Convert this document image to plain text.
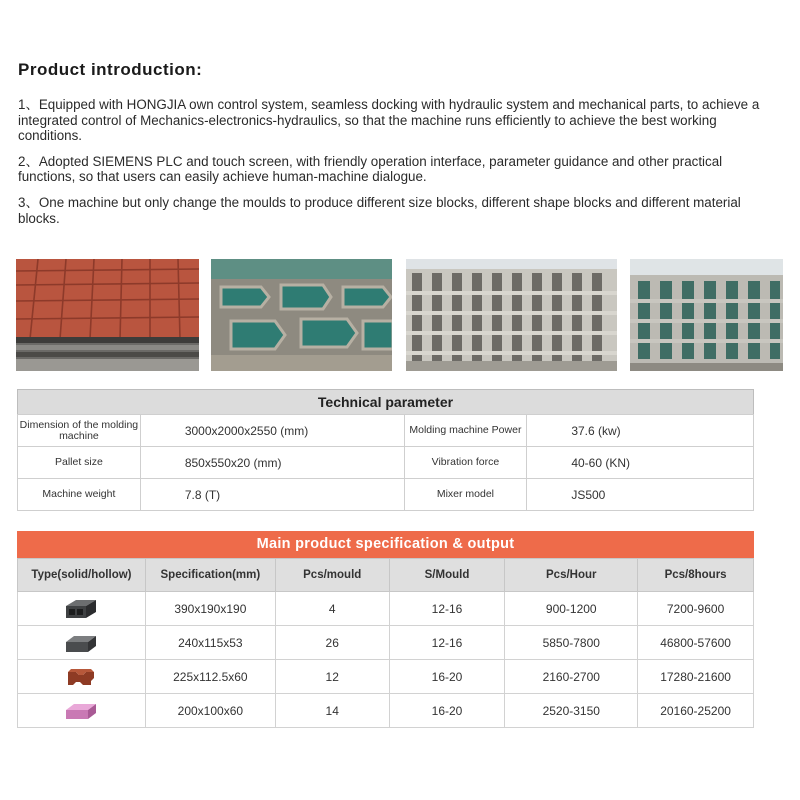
Product introduction:

1、Equipped with HONGJIA own control system, seamless docking with hydraulic system and mechanical parts, to achieve a integrated control of Mechanics-electronics-hydraulics, so that the machine runs efficiently to achieve the best working conditions.

2、Adopted SIEMENS PLC and touch screen, with friendly operation interface, parameter guidance and other practical functions, so that users can easily achieve human-machine dialogue.

3、One machine but only change the moulds to produce different size blocks, different shape blocks and different material blocks.

Technical parameter
Dimension of the molding machine	3000x2000x2550 (mm)	Molding machine Power	37.6 (kw)
Pallet size	850x550x20 (mm)	Vibration force	40-60 (KN)
Machine weight	7.8 (T)	Mixer model	JS500
Main product specification & output
Type(solid/hollow)	Specification(mm)	Pcs/mould	S/Mould	Pcs/Hour	Pcs/8hours

	390x190x190	4	12-16	900-1200	7200-9600

	240x115x53	26	12-16	5850-7800	46800-57600

	225x112.5x60	12	16-20	2160-2700	17280-21600

	200x100x60	14	16-20	2520-3150	20160-25200
